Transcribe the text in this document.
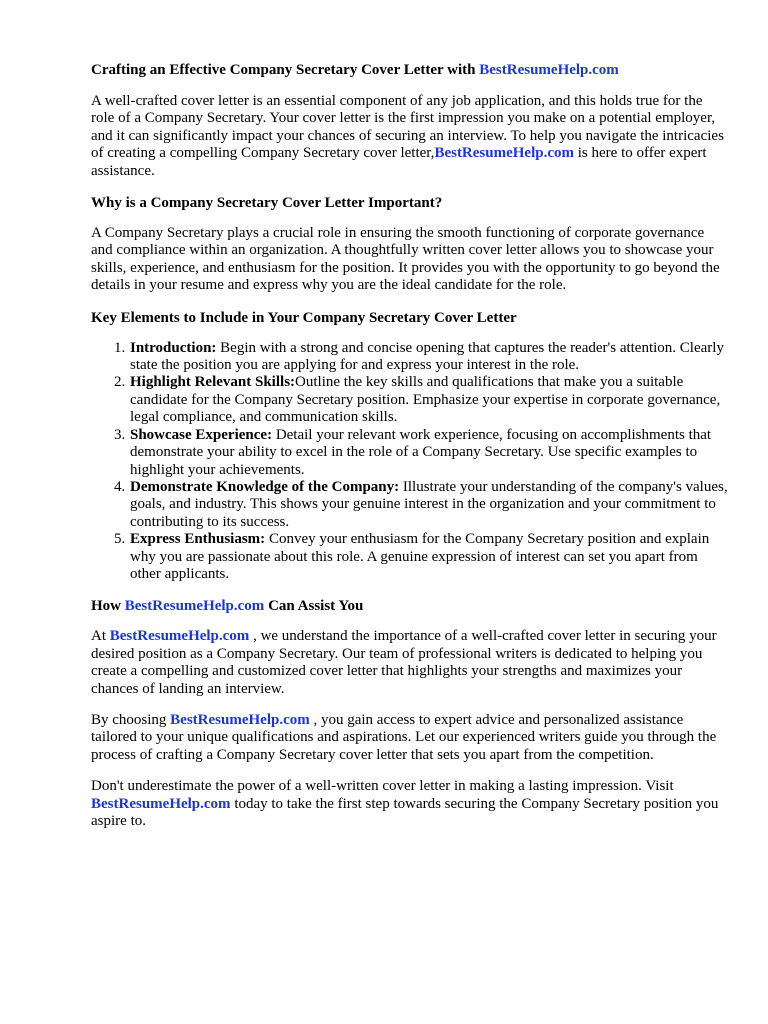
Crafting an Effective Company Secretary Cover Letter with BestResumeHelp.com

A well-crafted cover letter is an essential component of any job application, and this holds true for the role of a Company Secretary. Your cover letter is the first impression you make on a potential employer, and it can significantly impact your chances of securing an interview. To help you navigate the intricacies of creating a compelling Company Secretary cover letter,BestResumeHelp.com is here to offer expert assistance.

Why is a Company Secretary Cover Letter Important?

A Company Secretary plays a crucial role in ensuring the smooth functioning of corporate governance and compliance within an organization. A thoughtfully written cover letter allows you to showcase your skills, experience, and enthusiasm for the position. It provides you with the opportunity to go beyond the details in your resume and express why you are the ideal candidate for the role.

Key Elements to Include in Your Company Secretary Cover Letter
1. Introduction: Begin with a strong and concise opening that captures the reader's attention. Clearly state the position you are applying for and express your interest in the role.
2. Highlight Relevant Skills:Outline the key skills and qualifications that make you a suitable candidate for the Company Secretary position. Emphasize your expertise in corporate governance, legal compliance, and communication skills.
3. Showcase Experience: Detail your relevant work experience, focusing on accomplishments that demonstrate your ability to excel in the role of a Company Secretary. Use specific examples to highlight your achievements.
4. Demonstrate Knowledge of the Company: Illustrate your understanding of the company's values, goals, and industry. This shows your genuine interest in the organization and your commitment to contributing to its success.
5. Express Enthusiasm: Convey your enthusiasm for the Company Secretary position and explain why you are passionate about this role. A genuine expression of interest can set you apart from other applicants.
How BestResumeHelp.com Can Assist You

At BestResumeHelp.com , we understand the importance of a well-crafted cover letter in securing your desired position as a Company Secretary. Our team of professional writers is dedicated to helping you create a compelling and customized cover letter that highlights your strengths and maximizes your chances of landing an interview.

By choosing BestResumeHelp.com , you gain access to expert advice and personalized assistance tailored to your unique qualifications and aspirations. Let our experienced writers guide you through the process of crafting a Company Secretary cover letter that sets you apart from the competition.

Don't underestimate the power of a well-written cover letter in making a lasting impression. Visit BestResumeHelp.com today to take the first step towards securing the Company Secretary position you aspire to.
